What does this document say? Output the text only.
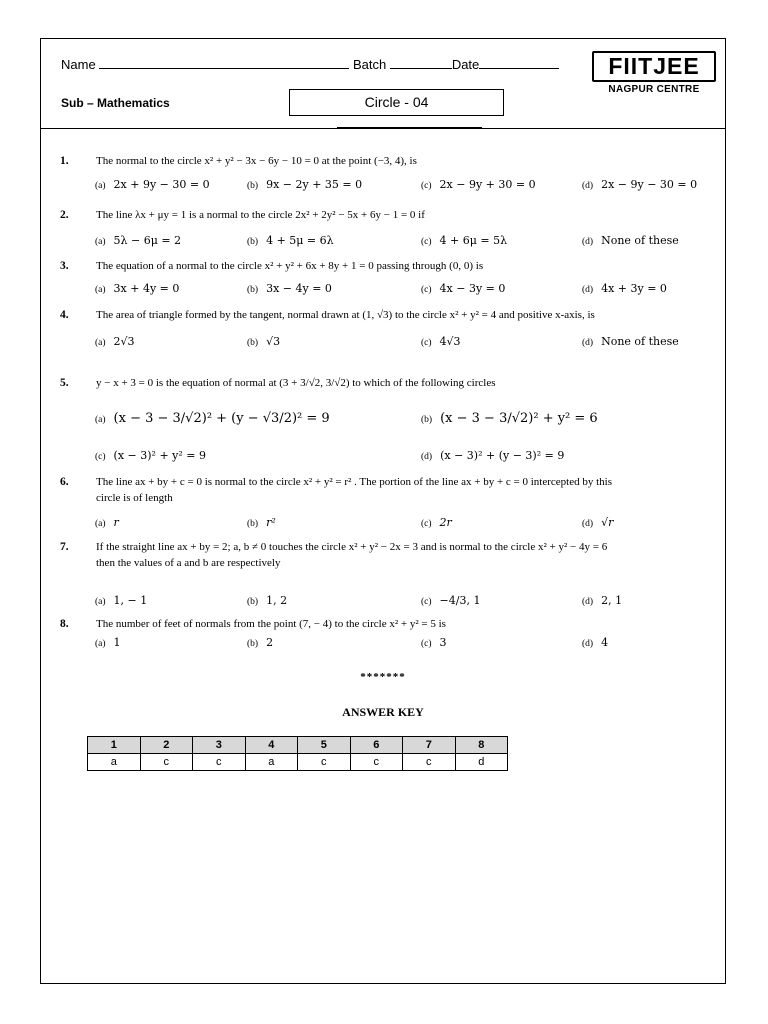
Name	Batch	Date
Sub – Mathematics	Circle - 04
FIITJEE
NAGPUR CENTRE
1. The normal to the circle x² + y² − 3x − 6y − 10 = 0 at the point (−3, 4), is
(a) 2x + 9y − 30 = 0	(b) 9x − 2y + 35 = 0	(c) 2x − 9y + 30 = 0	(d) 2x − 9y − 30 = 0
2. The line λx + μy = 1 is a normal to the circle 2x² + 2y² − 5x + 6y − 1 = 0 if
(a) 5λ − 6μ = 2	(b) 4 + 5μ = 6λ	(c) 4 + 6μ = 5λ	(d) None of these
3. The equation of a normal to the circle x² + y² + 6x + 8y + 1 = 0 passing through (0, 0) is
(a) 3x + 4y = 0	(b) 3x − 4y = 0	(c) 4x − 3y = 0	(d) 4x + 3y = 0
4. The area of triangle formed by the tangent, normal drawn at (1, √3) to the circle x² + y² = 4 and positive x-axis, is
(a) 2√3	(b) √3	(c) 4√3	(d) None of these
5. y − x + 3 = 0 is the equation of normal at (3 + 3/√2, 3/√2) to which of the following circles
(a) (x − 3 − 3/√2)² + (y − √3/2)² = 9	(b) (x − 3 − 3/√2)² + y² = 6
(c) (x − 3)² + y² = 9	(d) (x − 3)² + (y − 3)² = 9
6. The line ax + by + c = 0 is normal to the circle x² + y² = r² . The portion of the line ax + by + c = 0 intercepted by this
circle is of length
(a) r	(b) r²	(c) 2r	(d) √r
7. If the straight line ax + by = 2; a, b ≠ 0 touches the circle x² + y² − 2x = 3 and is normal to the circle x² + y² − 4y = 6
then the values of a and b are respectively
(a) 1, − 1	(b) 1, 2	(c) −4/3, 1	(d) 2, 1
8. The number of feet of normals from the point (7, − 4) to the circle x² + y² = 5 is
(a) 1	(b) 2	(c) 3	(d) 4
*******
ANSWER KEY
1	2	3	4	5	6	7	8
a	c	c	a	c	c	c	d
